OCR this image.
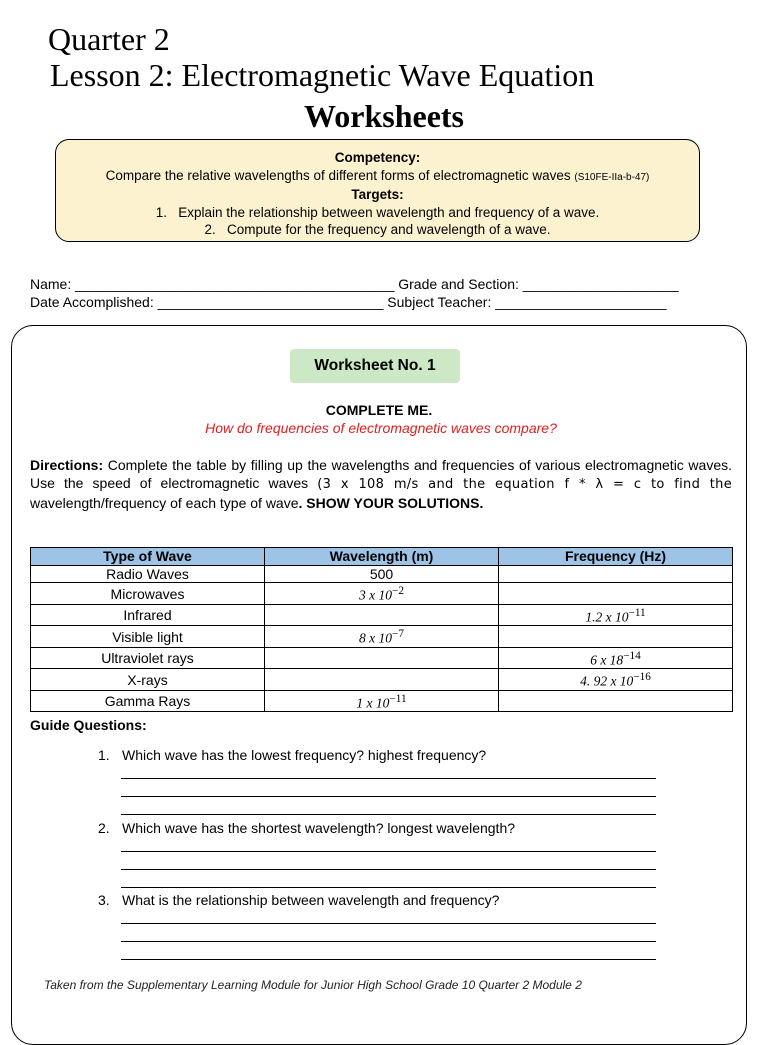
Quarter 2
Lesson 2: Electromagnetic Wave Equation
Worksheets
Competency:
Compare the relative wavelengths of different forms of electromagnetic waves (S10FE-IIa-b-47)
Targets:
1.   Explain the relationship between wavelength and frequency of a wave.
2.   Compute for the frequency and wavelength of a wave.
Name: _________________________________________ Grade and Section: ____________________
Date Accomplished: _____________________________ Subject Teacher: ______________________
Worksheet No. 1
COMPLETE ME.
How do frequencies of electromagnetic waves compare?
Directions: Complete the table by filling up the wavelengths and frequencies of various electromagnetic waves. Use the speed of electromagnetic waves (3 x 108 m/s and the equation f * λ = c to find the wavelength/frequency of each type of wave. SHOW YOUR SOLUTIONS.
Type of Wave	Wavelength (m)	Frequency (Hz)
Radio Waves	500	
Microwaves	3 x $10^{-2}$	
Infrared		1.2 x $10^{-11}$
Visible light	8 x $10^{-7}$	
Ultraviolet rays		6 x $18^{-14}$
X-rays		4. 92 x $10^{-16}$
Gamma Rays	1 x $10^{-11}$	
Guide Questions:
1. Which wave has the lowest frequency? highest frequency?
2. Which wave has the shortest wavelength? longest wavelength?
3. What is the relationship between wavelength and frequency?
Taken from the Supplementary Learning Module for Junior High School Grade 10 Quarter 2 Module 2
